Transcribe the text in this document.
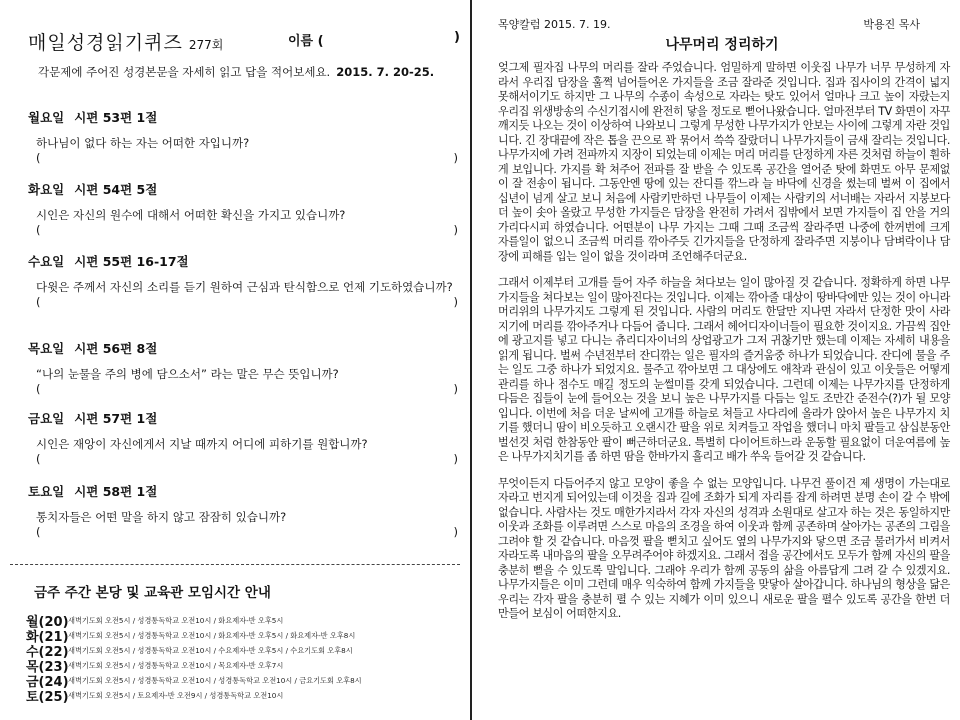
매일성경읽기퀴즈 277회	이름 (	)
각문제에 주어진 성경본문을 자세히 읽고 답을 적어보세요. 2015. 7. 20-25.
월요일 시편 53편 1절
하나님이 없다 하는 자는 어떠한 자입니까?
(	)
화요일 시편 54편 5절
시인은 자신의 원수에 대해서 어떠한 확신을 가지고 있습니까?
(	)
수요일 시편 55편 16-17절
다윗은 주께서 자신의 소리를 듣기 원하여 근심과 탄식함으로 언제 기도하였습니까?
(	)
목요일 시편 56편 8절
“나의 눈물을 주의 병에 담으소서” 라는 말은 무슨 뜻입니까?
(	)
금요일 시편 57편 1절
시인은 재앙이 자신에게서 지날 때까지 어디에 피하기를 원합니까?
(	)
토요일 시편 58편 1절
통치자들은 어떤 말을 하지 않고 잠잠히 있습니까?
(	)
금주 주간 본당 및 교육관 모임시간 안내
월(20) 새벽기도회 오전5시 / 성경통독학교 오전10시 / 화요제자-반 오후5시
화(21) 새벽기도회 오전5시 / 성경통독학교 오전10시 / 화요제자-반 오후5시 / 화요제자-반 오후8시
수(22) 새벽기도회 오전5시 / 성경통독학교 오전10시 / 수요제자-반 오후5시 / 수요기도회 오후8시
목(23) 새벽기도회 오전5시 / 성경통독학교 오전10시 / 목요제자-반 오후7시
금(24) 새벽기도회 오전5시 / 성경통독학교 오전10시 / 성경통독학교 오전10시 / 금요기도회 오후8시
토(25) 새벽기도회 오전5시 / 토요제자-반 오전9시 / 성경통독학교 오전10시
목양칼럼 2015. 7. 19.	박용진 목사
나무머리 정리하기

엊그제 필자집 나무의 머리를 잘라 주었습니다. 엄밀하게 말하면 이웃집 나무가 너무 무성하게 자라서 우리집 담장을 훌쩍 넘어들어온 가지들을 조금 잘라준 것입니다. 집과 집사이의 간격이 넓지 못해서이기도 하지만 그 나무의 수종이 속성으로 자라는 탓도 있어서 얼마나 크고 높이 자랐는지 우리집 위생방송의 수신기접시에 완전히 닿을 정도로 뻗어나왔습니다. 얼마전부터 TV 화면이 자꾸 깨지듯 나오는 것이 이상하여 나와보니 그렇게 무성한 나무가지가 안보는 사이에 그렇게 자란 것입니다. 긴 장대끝에 작은 톱을 끈으로 꽉 묶어서 쓱쓱 잘랐더니 나무가지들이 금새 잘리는 것입니다. 나무가지에 가려 전파까지 지장이 되었는데 이제는 머리 머리를 단정하게 자른 것처럼 하늘이 훤하게 보입니다. 가지를 확 쳐주어 전파를 잘 받을 수 있도록 공간을 열어준 탓에 화면도 아무 문제없이 잘 전송이 됩니다. 그동안엔 땅에 있는 잔디를 깎느라 늘 바닥에 신경을 썼는데 벌써 이 집에서 십년이 넘게 살고 보니 처음에 사람키만하던 나무들이 이제는 사람키의 서너배는 자라서 지붕보다 더 높이 솟아 올랐고 무성한 가지들은 담장을 완전히 가려서 집밖에서 보면 가지들이 집 안을 거의 가리다시피 하였습니다. 어떤분이 나무 가지는 그때 그때 조금씩 잘라주면 나중에 한꺼번에 크게 자를일이 없으니 조금씩 머리를 깎아주듯 긴가지들을 단정하게 잘라주면 지붕이나 담벼락이나 담장에 피해를 입는 일이 없을 것이라며 조언해주더군요.

그래서 이제부터 고개를 들어 자주 하늘을 쳐다보는 일이 많아질 것 같습니다. 정확하게 하면 나무가지들을 쳐다보는 일이 많아진다는 것입니다. 이제는 깎아줄 대상이 땅바닥에만 있는 것이 아니라 머리위의 나무가지도 그렇게 된 것입니다. 사람의 머리도 한달만 지나면 자라서 단정한 맛이 사라지기에 머리를 깎아주거나 다듬어 줍니다. 그래서 헤어디자이너들이 필요한 것이지요. 가끔씩 집안에 광고지를 넣고 다니는 츄리디자이너의 상업광고가 그저 귀찮기만 했는데 이제는 자세히 내용을 읽게 됩니다. 벌써 수년전부터 잔디깎는 일은 필자의 즐거움중 하나가 되었습니다. 잔디에 물을 주는 일도 그중 하나가 되었지요. 물주고 깎아보면 그 대상에도 애착과 관심이 있고 이웃들은 어떻게 관리를 하나 점수도 매길 정도의 눈썰미를 갖게 되었습니다. 그런데 이제는 나무가지를 단정하게 다듬은 집들이 눈에 들어오는 것을 보니 높은 나무가지를 다듬는 일도 조만간 준전수(?)가 될 모양입니다. 이번에 처음 더운 날씨에 고개를 하늘로 쳐들고 사다리에 올라가 앉아서 높은 나무가지 치기를 했더니 땀이 비오듯하고 오랜시간 팔을 위로 치켜들고 작업을 했더니 마치 팔들고 삼십분동안 벌선것 처럼 한참동안 팔이 뻐근하더군요. 특별히 다이어트하느라 운동할 필요없이 더운여름에 높은 나무가지치기를 좀 하면 땀을 한바가지 흘리고 배가 쑤욱 들어갈 것 같습니다.

무엇이든지 다듬어주지 않고 모양이 좋을 수 없는 모양입니다. 나무건 풀이건 제 생명이 가는대로 자라고 번지게 되어있는데 이것을 집과 길에 조화가 되게 자리를 잡게 하려면 분명 손이 갈 수 밖에 없습니다. 사람사는 것도 매한가지라서 각자 자신의 성격과 소원대로 살고자 하는 것은 동일하지만 이웃과 조화를 이루려면 스스로 마음의 조경을 하여 이웃과 함께 공존하며 살아가는 공존의 그림을 그려야 할 것 같습니다. 마음껏 팔을 뻗치고 싶어도 옆의 나무가지와 닿으면 조금 물러가서 비켜서 자라도록 내마음의 팔을 오무려주어야 하겠지요. 그래서 접을 공간에서도 모두가 함께 자신의 팔을 충분히 뻗을 수 있도록 말입니다. 그래야 우리가 함께 공동의 삶을 아름답게 그려 갈 수 있겠지요. 나무가지들은 이미 그런데 매우 익숙하여 함께 가지들을 맞닿아 살아갑니다. 하나님의 형상을 닮은 우리는 각자 팔을 충분히 펼 수 있는 지혜가 이미 있으니 새로운 팔을 펼수 있도록 공간을 한번 더 만들어 보심이 어떠한지요.
